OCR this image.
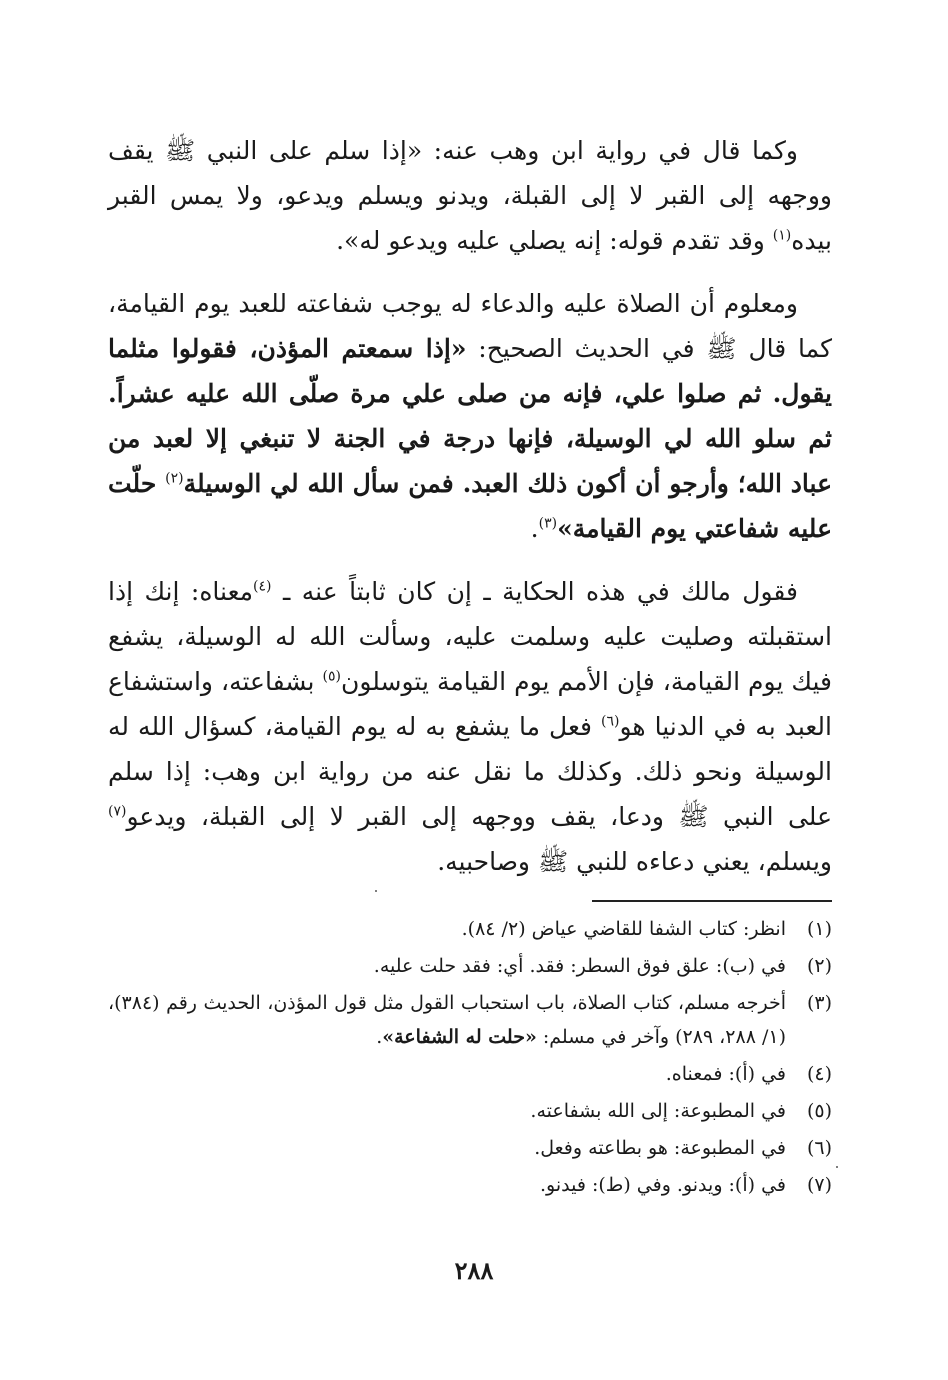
وكما قال في رواية ابن وهب عنه: «إذا سلم على النبي ﷺ يقف ووجهه إلى القبر لا إلى القبلة، ويدنو ويسلم ويدعو، ولا يمس القبر بيده$^{(١)}$ وقد تقدم قوله: إنه يصلي عليه ويدعو له».

ومعلوم أن الصلاة عليه والدعاء له يوجب شفاعته للعبد يوم القيامة، كما قال ﷺ في الحديث الصحيح: «إذا سمعتم المؤذن، فقولوا مثلما يقول. ثم صلوا علي، فإنه من صلى علي مرة صلّى الله عليه عشراً. ثم سلو الله لي الوسيلة، فإنها درجة في الجنة لا تنبغي إلا لعبد من عباد الله؛ وأرجو أن أكون ذلك العبد. فمن سأل الله لي الوسيلة$^{(٢)}$ حلّت عليه شفاعتي يوم القيامة»$^{(٣)}$.

فقول مالك في هذه الحكاية ـ إن كان ثابتاً عنه ـ $^{(٤)}$معناه: إنك إذا استقبلته وصليت عليه وسلمت عليه، وسألت الله له الوسيلة، يشفع فيك يوم القيامة، فإن الأمم يوم القيامة يتوسلون$^{(٥)}$ بشفاعته، واستشفاع العبد به في الدنيا هو$^{(٦)}$ فعل ما يشفع به له يوم القيامة، كسؤال الله له الوسيلة ونحو ذلك. وكذلك ما نقل عنه من رواية ابن وهب: إذا سلم على النبي ﷺ ودعا، يقف ووجهه إلى القبر لا إلى القبلة، ويدعو$^{(٧)}$ ويسلم، يعني دعاءه للنبي ﷺ وصاحبيه.

(١)
انظر: كتاب الشفا للقاضي عياض (٢/ ٨٤).
(٢)
في (ب): علق فوق السطر: فقد. أي: فقد حلت عليه.
(٣)
أخرجه مسلم، كتاب الصلاة، باب استحباب القول مثل قول المؤذن، الحديث رقم (٣٨٤)، (١/ ٢٨٨، ٢٨٩) وآخر في مسلم: «حلت له الشفاعة».
(٤)
في (أ): فمعناه.
(٥)
في المطبوعة: إلى الله بشفاعته.
(٦)
في المطبوعة: هو بطاعته وفعل.
(٧)
في (أ): ويدنو. وفي (ط): فيدنو.
٢٨٨
